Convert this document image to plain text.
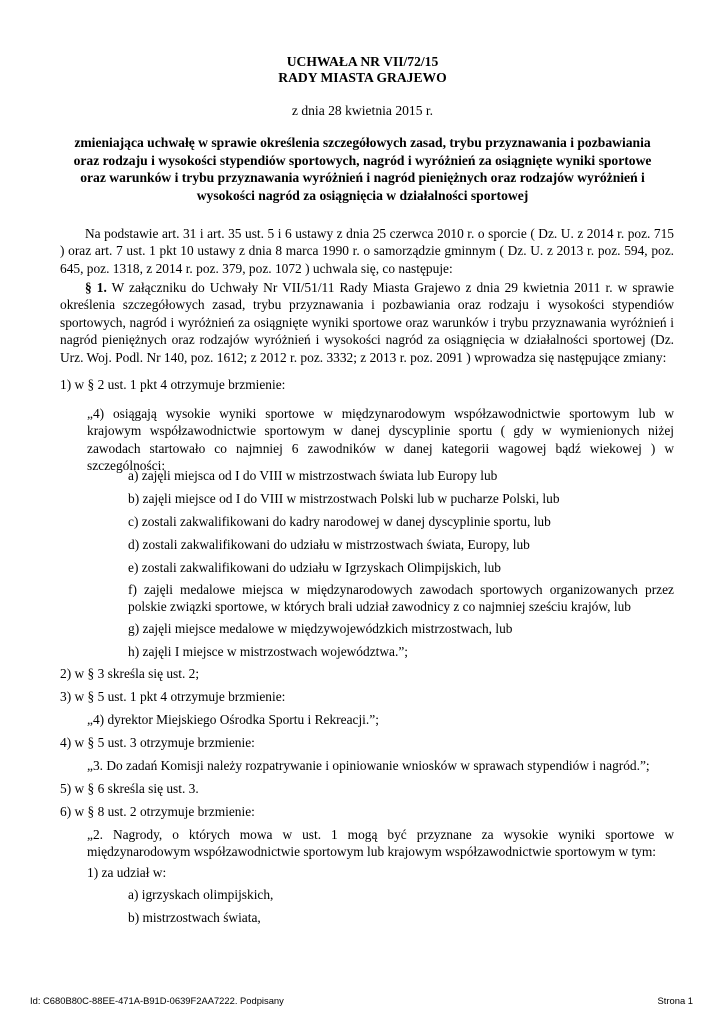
UCHWAŁA NR VII/72/15
RADY MIASTA GRAJEWO
z dnia 28 kwietnia 2015 r.
zmieniająca uchwałę w sprawie określenia szczegółowych zasad, trybu przyznawania i pozbawiania oraz rodzaju i wysokości stypendiów sportowych, nagród i wyróżnień za osiągnięte wyniki sportowe oraz warunków i trybu przyznawania wyróżnień i nagród pieniężnych oraz rodzajów wyróżnień i wysokości nagród za osiągnięcia w działalności sportowej

Na podstawie art. 31 i art. 35 ust. 5 i 6 ustawy z dnia 25 czerwca 2010 r. o sporcie ( Dz. U. z 2014 r. poz. 715 ) oraz art. 7 ust. 1 pkt 10 ustawy z dnia 8 marca 1990 r. o samorządzie gminnym ( Dz. U. z 2013 r. poz. 594, poz. 645, poz. 1318, z 2014 r. poz. 379, poz. 1072 ) uchwala się, co następuje:

§ 1. W załączniku do Uchwały Nr VII/51/11 Rady Miasta Grajewo z dnia 29 kwietnia 2011 r. w sprawie określenia szczegółowych zasad, trybu przyznawania i pozbawiania oraz rodzaju i wysokości stypendiów sportowych, nagród i wyróżnień za osiągnięte wyniki sportowe oraz warunków i trybu przyznawania wyróżnień i nagród pieniężnych oraz rodzajów wyróżnień i wysokości nagród za osiągnięcia w działalności sportowej (Dz. Urz. Woj. Podl. Nr 140, poz. 1612; z 2012 r. poz. 3332; z 2013 r. poz. 2091 ) wprowadza się następujące zmiany:

1) w § 2 ust. 1 pkt 4 otrzymuje brzmienie:

„4) osiągają wysokie wyniki sportowe w międzynarodowym współzawodnictwie sportowym lub w krajowym współzawodnictwie sportowym w danej dyscyplinie sportu ( gdy w wymienionych niżej zawodach startowało co najmniej 6 zawodników w danej kategorii wagowej bądź wiekowej ) w szczególności:

a) zajęli miejsca od I do VIII w mistrzostwach świata lub Europy lub
b) zajęli miejsce od I do VIII w mistrzostwach Polski lub w pucharze Polski, lub
c) zostali zakwalifikowani do kadry narodowej w danej dyscyplinie sportu, lub
d) zostali zakwalifikowani do udziału w mistrzostwach świata, Europy, lub
e) zostali zakwalifikowani do udziału w Igrzyskach Olimpijskich, lub
f) zajęli medalowe miejsca w międzynarodowych zawodach sportowych organizowanych przez polskie związki sportowe, w których brali udział zawodnicy z co najmniej sześciu krajów, lub
g) zajęli miejsce medalowe w międzywojewódzkich mistrzostwach, lub
h) zajęli I miejsce w mistrzostwach województwa.”;
2) w § 3 skreśla się ust. 2;
3) w § 5 ust. 1 pkt 4 otrzymuje brzmienie:
„4) dyrektor Miejskiego Ośrodka Sportu i Rekreacji.”;
4) w § 5 ust. 3 otrzymuje brzmienie:
„3. Do zadań Komisji należy rozpatrywanie i opiniowanie wniosków w sprawach stypendiów i nagród.”;
5) w § 6 skreśla się ust. 3.
6) w § 8 ust. 2 otrzymuje brzmienie:

„2. Nagrody, o których mowa w ust. 1 mogą być przyznane za wysokie wyniki sportowe w międzynarodowym współzawodnictwie sportowym lub krajowym współzawodnictwie sportowym w tym:

1) za udział w:
a) igrzyskach olimpijskich,
b) mistrzostwach świata,
Id: C680B80C-88EE-471A-B91D-0639F2AA7222. Podpisany	Strona 1
